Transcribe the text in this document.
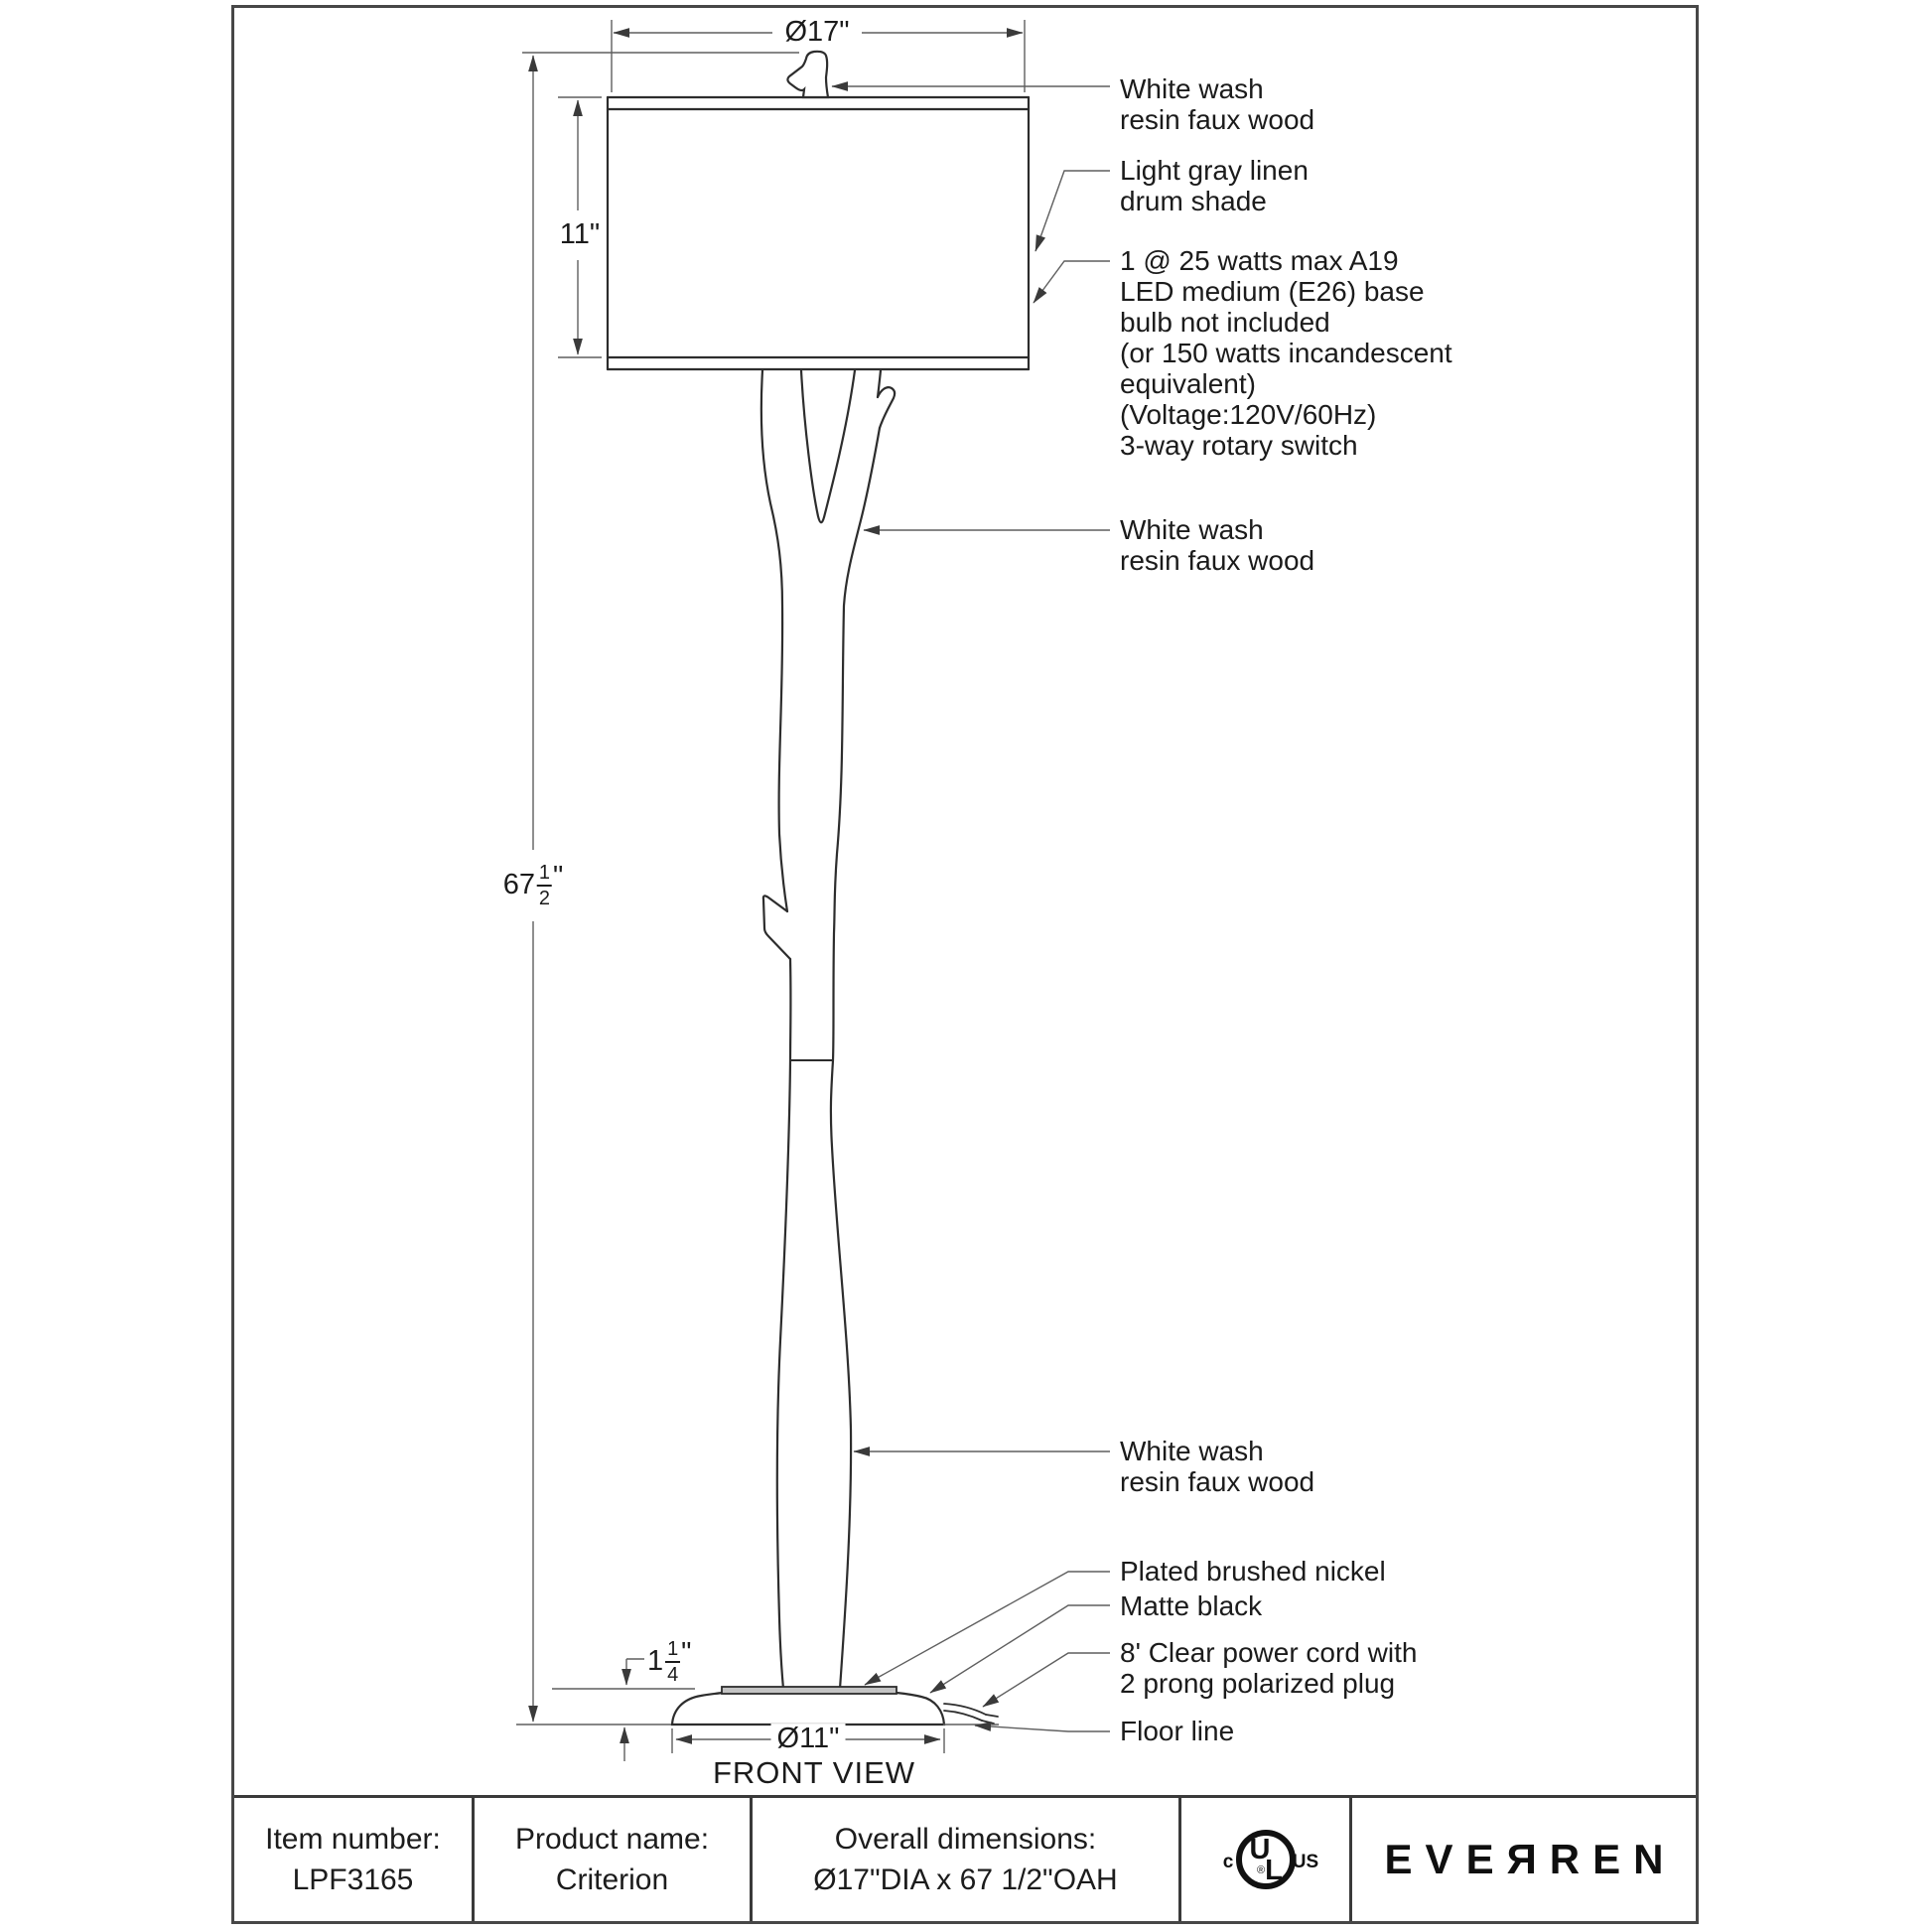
Ø17"
11"
$67 \frac{1}{2}$ "
$1 \frac{1}{4}$ "
Ø11"
FRONT VIEW
White wash
resin faux wood
Light gray linen
drum shade
1 @ 25 watts max A19
LED medium (E26) base
bulb not included
(or 150 watts incandescent
equivalent)
(Voltage:120V/60Hz)
3-way rotary switch
White wash
resin faux wood
White wash
resin faux wood
Plated brushed nickel
Matte black
8' Clear power cord with
2 prong polarized plug
Floor line
Item number:
LPF3165
Product name:
Criterion
Overall dimensions:
Ø17"DIA x 67 1/2"OAH
c U
L
® US	EVEЯREN
